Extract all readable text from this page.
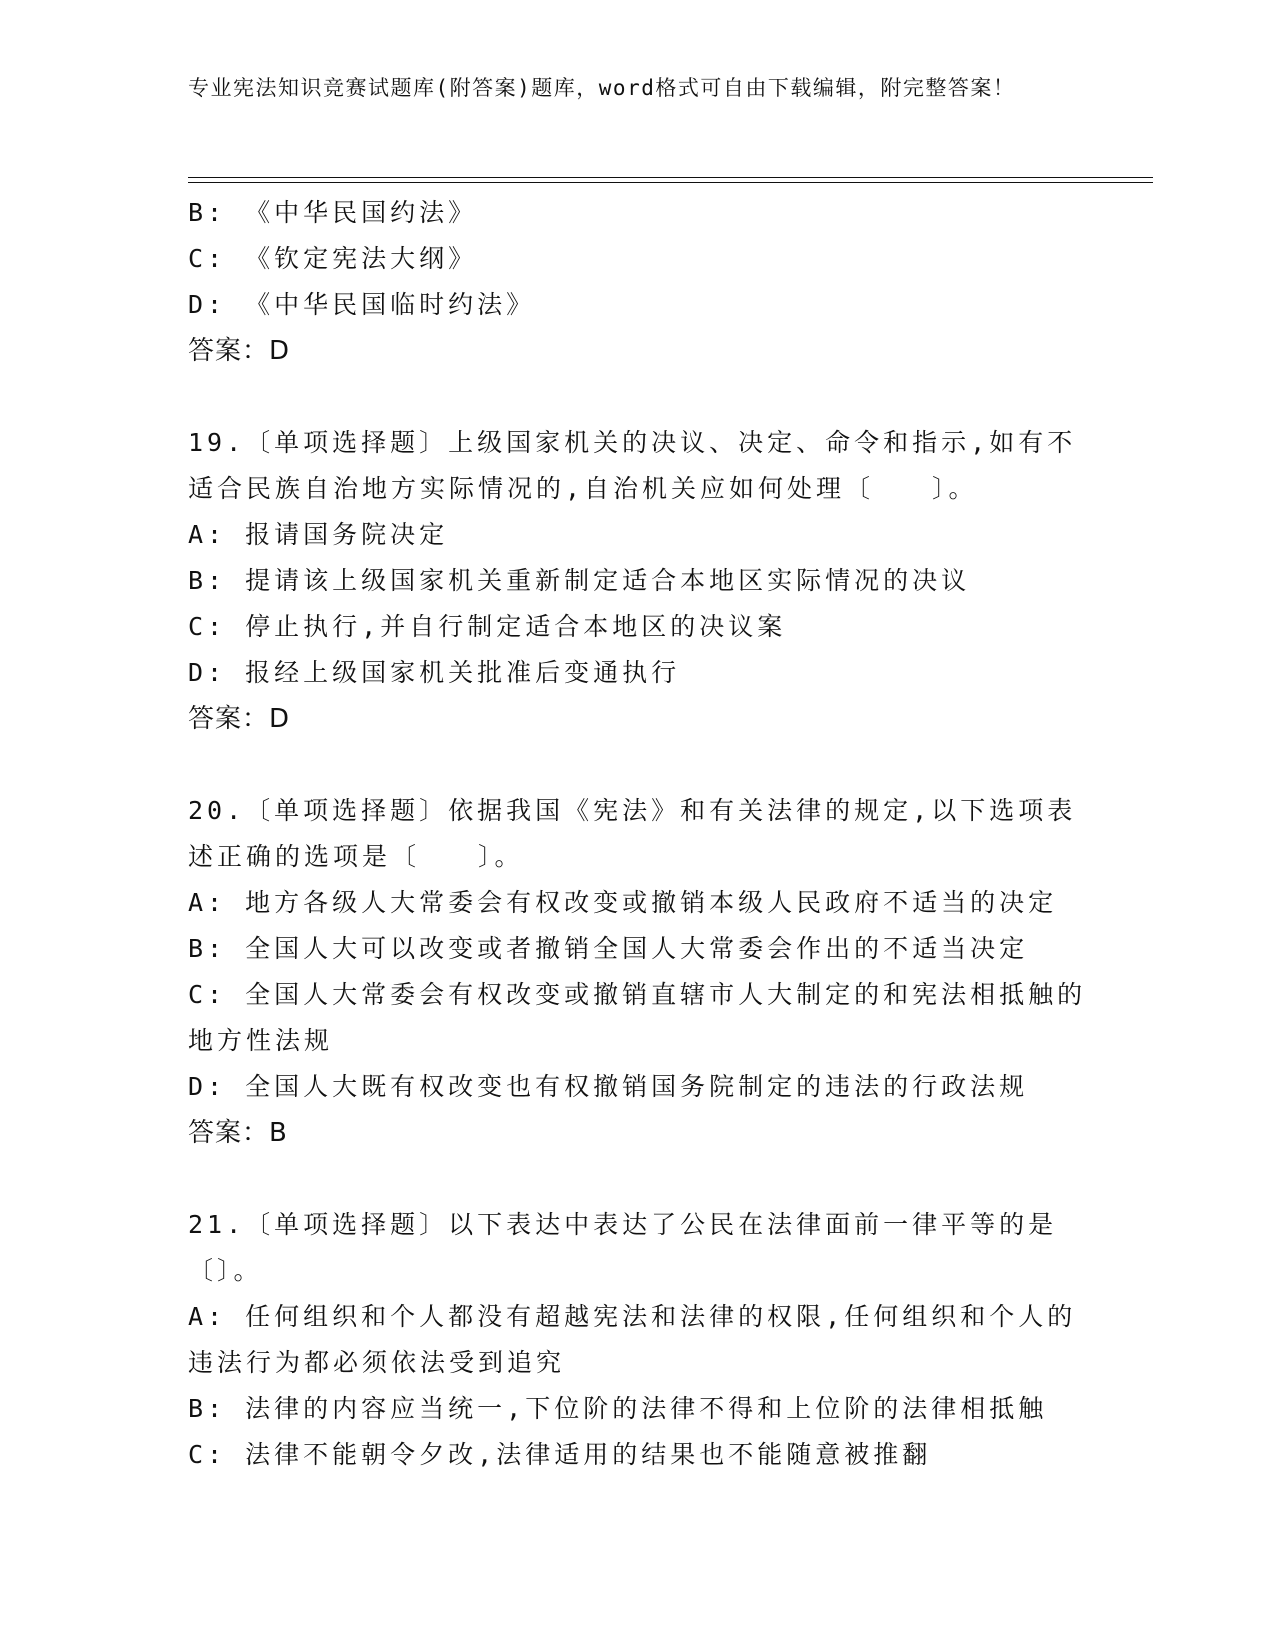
专业宪法知识竞赛试题库(附答案)题库，word格式可自由下载编辑，附完整答案！
B: 《中华民国约法》
C: 《钦定宪法大纲》
D: 《中华民国临时约法》
答案：D
19.〔单项选择题〕上级国家机关的决议、决定、命令和指示,如有不适合民族自治地方实际情况的,自治机关应如何处理〔　　〕。
A: 报请国务院决定
B: 提请该上级国家机关重新制定适合本地区实际情况的决议
C: 停止执行,并自行制定适合本地区的决议案
D: 报经上级国家机关批准后变通执行
答案：D
20.〔单项选择题〕依据我国《宪法》和有关法律的规定,以下选项表述正确的选项是〔　　〕。
A: 地方各级人大常委会有权改变或撤销本级人民政府不适当的决定
B: 全国人大可以改变或者撤销全国人大常委会作出的不适当决定
C: 全国人大常委会有权改变或撤销直辖市人大制定的和宪法相抵触的地方性法规
D: 全国人大既有权改变也有权撤销国务院制定的违法的行政法规
答案：B
21.〔单项选择题〕以下表达中表达了公民在法律面前一律平等的是〔〕。
A: 任何组织和个人都没有超越宪法和法律的权限,任何组织和个人的违法行为都必须依法受到追究
B: 法律的内容应当统一,下位阶的法律不得和上位阶的法律相抵触
C: 法律不能朝令夕改,法律适用的结果也不能随意被推翻
